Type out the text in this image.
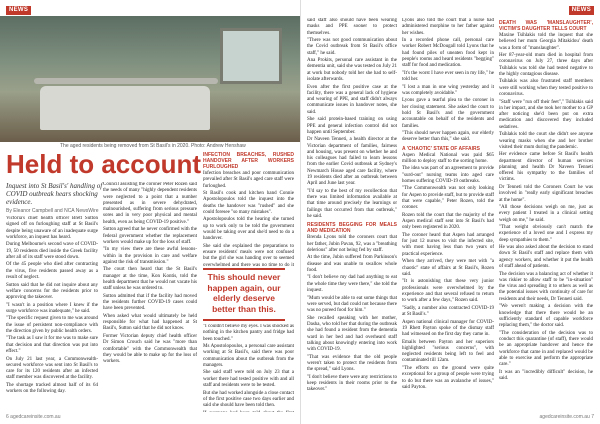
NEWS
The aged residents being removed from St Basil's in 2020. Photo: Andrew Henshaw
Held to account
Inquest into St Basil's' handling of COVID outbreak hears shocking evidence.
By Eleanor Campbell and NCA NewsWire

Victoria's chief health officer Brett Sutton signed off on furloughing staff at St Basil's despite being unaware of an inadequate surge workforce, an inquest has heard.

During Melbourne's second wave of COVID-19, 50 residents died inside the Greek facility after all of its staff were stood down.

Of the 45 people who died after contracting the virus, five residents passed away as a result of neglect.

Sutton said that he did not inquire about any welfare concerns for the residents prior to approving the takeover.

"I wasn't in a position where I knew if the surge workforce was inadequate," he said.

"The specific request given to me was around the issue of persistent non-compliance with the direction given by public health orders.

"The task as I saw it for me was to make sure that decision and that direction was put into effect."

On July 21 last year, a Commonwealth-secured workforce was sent into St Basil's to care for its 120 residents after an infected staff member was discovered at the facility.

The shortage tracked almost half of its 64 workers on the following day.

Council assisting the coroner Peter Rozen said the needs of many "highly dependent residents were neglected to a point that a number presented as in severe dehydrated, malnourished, suffering from serious pressure sores and in very poor physical and mental health, even as being COVID-19 positive."

Sutton agreed that he never confirmed with the federal government whether the replacement workers would make up for the loss of staff.

"In my view there are these awful lessons-within in the provision in care and welfare against the risk of transmission."

The court then heard that the St Basil's manager at the time, Kon Kontis, told the health department that he would not vacate his staff unless he was ordered to.

Sutton admitted that if the facility had moved the residents further COVID-19 cases could have been prevented.

When asked what would ultimately be held responsible for what had happened at St Basil's, Sutton said that he did not know.

Former Victorian deputy chief health officer Dr Simon Crouch said he was "more than comfortable" with the Commonwealth that they would be able to make up for the loss of workers.

INFECTION BREACHES, RUSHED HANDOVER AFTER WORKERS FURLOUGHED

Infection breaches and poor communication prevailed after St Basil's aged care staff were furloughed.

St Basil's cook and kitchen hand Connie Apostolopoulos told the inquest into the deaths the handover was "rushed" and she could foresee "so many mistakes".

Apostolopoulos told the hearing she turned up to work only to be told the government would be taking over and she'd need to do a handover.

She said she explained the preparations to ensure residents' meals were not confused but the girl she was handing over to seemed overwhelmed and there was no time to do it

This should never happen again, our elderly deserve better than this.

"I couldn't believe my eyes. I was shocked as nothing in the kitchen pantry and fridge had been touched."

Ms Apostolopoulos, a personal care assistant working at St Basil's, said there was poor communication about the outbreak from the managers.

She said staff were told on July 23 that a worker there had tested positive with and all staff and residents were to be tested.

But she had worked alongside a close contact of the first positive case two days earlier and said she should have been told then.

6 agedcareinsite.com.au
NEWS

said staff also should have been wearing masks and PPE sooner to protect themselves.

"There was not good communication about the Covid outbreak from St Basil's office staff," he said.

Ana Prokits, personal care assistant in the dementia unit, said she was tested on July 21 at work but nobody told her she had to self-isolate afterwards.

Even after the first positive case at the facility, there was a general lack of hygiene and wearing of PPE, and staff didn't always communicate issues in handover notes, she said.

She said protein-based training on using PPE and general infection control did not happen until September.

Dr Naveen Tenneti, a health director at the Victorian department of families, fairness and housing, was present on whether he and his colleagues had failed to learn lessons from the earlier Covid outbreak at Sydney's Newmarch House aged care facility, where 19 residents died after an outbreak between April and June last year.

"I'd say to the best of my recollection that there was limited information available at that time around precisely the learnings or failings that occurred from that outbreak," he said.

RESIDENTS BEGGING FOR MEALS AND MEDICATION

Brenda Lyons told the coroners court that her father, Jubin Pavan, 92, was a "breathing delerious" after not being fed by staff.

At the time, Jubin suffered from Parkinson's disease and was unable to swallow whole food.

"I don't believe my dad had anything to eat the whole time they were there," she told the inquest.

"Mum would be able to eat some things that were served, but dad could not because there was no pureed food for him."

She recalled speaking with her mother, Dasha, who told her that during the outbreak she had found a resident from the dementia ward in her bed and had overheard staff talking about knowingly entering into work with COVID-19.

"That was evidence that the old people weren't taken to protect the residents from the spread," said Lyons.

"I don't believe there were any restrictions to keep residents in their rooms prior to the takeover."

Lyons also told the court that a nurse had administered morphine to her father against her wishes.

In a recorded phone call, personal care worker Robert McDougall told Lyons that he had found piles of uneaten food kept in people's rooms and heard residents "begging" staff for food and medication.

"It's the worst I have ever seen in my life," he told her.

"I lost a man in one wing yesterday and it was completely avoidable."

Lyons gave a tearful plea to the coroner in her closing statement. She asked the court to hold St Basil's and the government accountable on behalf of the residents and families.

"This should never happen again, our elderly deserve better than this," she said.

A 'CHAOTIC' STATE OF AFFAIRS

Aspen Medical National was paid $65 million to deploy staff to the sorting home.

The idea was part of an agreement to provide "surd-out" nursing teams into aged care homes suffering COVID-19 outbreaks.

"The Commonwealth was not only looking for Aspen to provide staff, but to provide staff that were capable," Peter Rozen, told the coroner.

Rozen told the court that the majority of the Aspen medical staff sent into St Basil's had only been registered in 2020.

The coroner heard that Aspen had arranged for just 12 nurses to visit the infected site, with most having less than two years of practical experience.

When they arrived, they were met with "a chaotic" state of affairs at St Basil's, Rozen said.

"It is astonishing that these very junior professionals were overwhelmed by the experience and that several refused to return to work after a few days," Rozen said.

"Sadly, a number also contracted COVID-19 at St Basil's."

Aspen national clinical manager for COVID-19 Rhett Payton spoke of the dismay staff had witnessed on the first day they came in.

Emails between Payton and her superiors highlighted "serious concerns", with neglected residents being left to feel and contaminated till 12am.

"The efforts on the ground were quite exceptional for a group of people were trying to do but there was an avalanche of issues," said Payton.

DEATH WAS 'MANSLAUGHTER', VICTIM'S DAUGHTER TELLS COURT

Maxine Tsihlakis told the inquest that she believed her mum Georgia Mitakidou' death was a form of "manslaughter".

Her 87-year-old mum died in hospital from coronavirus on July 27, three days after Tsihlakis was told she had tested negative to the highly contagious disease.

Tsihlakis was also frustrated staff members were still working when they tested positive to coronavirus.

"Staff were "run off their feet"," Tsihlakis said in her impact, and she took her mother to a GP after noticing she'd been put on extra medication and discovered they included sedatives.

Tsihlakis told the court she didn't see anyone wearing masks when she and her brother visited their mum during the pandemic.

Her evidence came before St Basil's health department director of human services planning and health Dr Naveen Tenneti offered his sympathy to the families of victims.

Dr Tenneti told the Coroners Court he was involved in "really early significant breaches at the home".

"All those decisions weigh on me, just as every patient I treated in a clinical setting weigh on me," he said.

"That weight obviously can't match the experience of a loved one and I express my deep sympathies to them."

He was also asked about the decision to stand down St Basil's staff and replace them with agency workers, and whether it put the health of staff ahead of patients.

The decision was a balancing act of whether it was riskier to allow staff to be "in-situation" the virus and spreading it to others as well as the potential issues with continuity of care for residents and their needs, Dr Tenneti said.

"We weren't making a decision with the knowledge that there there would be an sufficiently standard of capable workforce replacing them," the doctor said.

"The consideration of the decision was to conduct this quarantine (of staff), there would be an appropriate handover and hence the workforce that came in and replaced would be able to exercise and perform the appropriate care."

It was an "incredibly difficult" decision, he said.

agedcareinsite.com.au 7
